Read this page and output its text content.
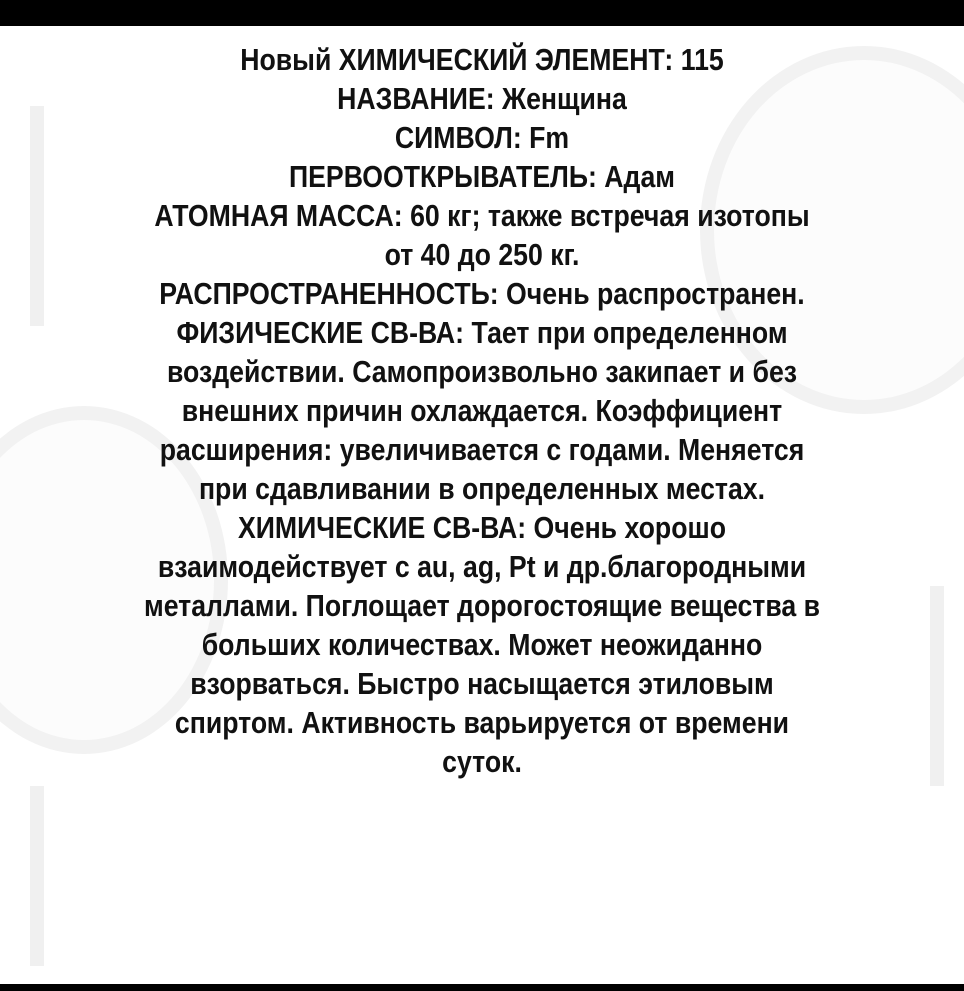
Новый ХИМИЧЕСКИЙ ЭЛЕМЕНТ: 115
НАЗВАНИЕ: Женщина
СИМВОЛ: Fm
ПЕРВООТКРЫВАТЕЛЬ: Адам
АТОМНАЯ МАССА: 60 кг; также встречая изотопы
от 40 до 250 кг.
РАСПРОСТРАНЕННОСТЬ: Очень распространен.
ФИЗИЧЕСКИЕ СВ-ВА: Тает при определенном
воздействии. Самопроизвольно закипает и без
внешних причин охлаждается. Коэффициент
расширения: увеличивается с годами. Меняется
при сдавливании в определенных местах.
ХИМИЧЕСКИЕ СВ-ВА: Очень хорошо
взаимодействует с au, ag, Pt и др.благородными
металлами. Поглощает дорогостоящие вещества в
больших количествах. Может неожиданно
взорваться. Быстро насыщается этиловым
спиртом. Активность варьируется от времени
суток.
